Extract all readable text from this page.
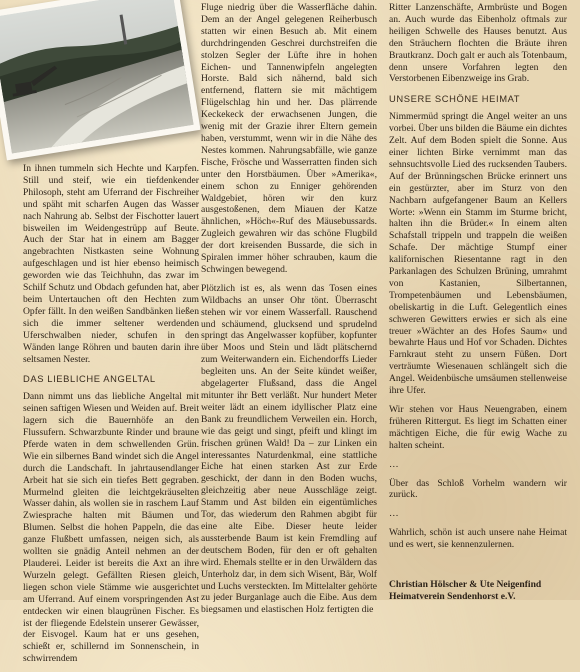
In ihnen tummeln sich Hechte und Karpfen. Still und steif, wie ein tiefdenkender Philosoph, steht am Uferrand der Fischreiher und späht mit scharfen Augen das Wasser nach Nahrung ab. Selbst der Fischotter lauert bisweilen im Weidengestrüpp auf Beute. Auch der Star hat in einem am Bagger angebrachten Nistkasten seine Wohnung aufgeschlagen und ist hier ebenso heimisch geworden wie das Teichhuhn, das zwar im Schilf Schutz und Obdach gefunden hat, aber beim Untertauchen oft den Hechten zum Opfer fällt. In den weißen Sandbänken ließen sich die immer seltener werdenden Uferschwalben nieder, schufen in den Wänden lange Röhren und bauten darin ihre seltsamen Nester.

DAS LIEBLICHE ANGELTAL

Dann nimmt uns das liebliche Angeltal mit seinen saftigen Wiesen und Weiden auf. Breit lagern sich die Bauernhöfe an den Flussufern. Schwarzbunte Rinder und braune Pferde waten in dem schwellenden Grün. Wie ein silbernes Band windet sich die Angel durch die Landschaft. In jahrtausendlanger Arbeit hat sie sich ein tiefes Bett gegraben. Murmelnd gleiten die leichtgekräuselten Wasser dahin, als wollen sie in raschem Lauf Zwiesprache halten mit Bäumen und Blumen. Selbst die hohen Pappeln, die das ganze Flußbett umfassen, neigen sich, als wollten sie gnädig Anteil nehmen an der Plauderei. Leider ist bereits die Axt an ihre Wurzeln gelegt. Gefällten Riesen gleich, liegen schon viele Stämme wie ausgerichtet am Uferrand. Auf einem vorspringenden Ast entdecken wir einen blaugrünen Fischer. Es ist der fliegende Edelstein unserer Gewässer, der Eisvogel. Kaum hat er uns gesehen, schießt er, schillernd im Sonnenschein, in schwirrendem

Fluge niedrig über die Wasserfläche dahin. Dem an der Angel gelegenen Reiherbusch statten wir einen Besuch ab. Mit einem durchdringenden Geschrei durchstreifen die stolzen Segler der Lüfte ihre in hohen Eichen- und Tannenwipfeln angelegten Horste. Bald sich nähernd, bald sich entfernend, flattern sie mit mächtigem Flügelschlag hin und her. Das plärrende Keckekeck der erwachsenen Jungen, die wenig mit der Grazie ihrer Eltern gemein haben, verstummt, wenn wir in die Nähe des Nestes kommen. Nahrungsabfälle, wie ganze Fische, Frösche und Wasserratten finden sich unter den Horstbäumen. Über »Amerika«, einem schon zu Enniger gehörenden Waldgebiet, hören wir den kurz ausgestoßenen, dem Miauen der Katze ähnlichen, »Höch«-Ruf des Mäusebussards. Zugleich gewahren wir das schöne Flugbild der dort kreisenden Bussarde, die sich in Spiralen immer höher schrauben, kaum die Schwingen bewegend.

Plötzlich ist es, als wenn das Tosen eines Wildbachs an unser Ohr tönt. Überrascht stehen wir vor einem Wasserfall. Rauschend und schäumend, glucksend und sprudelnd springt das Angelwasser kopfüber, kopfunter über Moos und Stein und lädt plätschernd zum Weiterwandern ein. Eichendorffs Lieder begleiten uns. An der Seite kündet weißer, abgelagerter Flußsand, dass die Angel mitunter ihr Bett verläßt. Nur hundert Meter weiter lädt an einem idyllischer Platz eine Bank zu freundlichem Verweilen ein. Horch, wie das geigt und singt, pfeift und klingt im frischen grünen Wald! Da – zur Linken ein interessantes Naturdenkmal, eine stattliche Eiche hat einen starken Ast zur Erde geschickt, der dann in den Boden wuchs, gleichzeitig aber neue Ausschläge zeigt. Stamm und Ast bilden ein eigentümliches Tor, das wiederum den Rahmen abgibt für eine alte Eibe. Dieser heute leider aussterbende Baum ist kein Fremdling auf deutschem Boden, für den er oft gehalten wird. Ehemals stellte er in den Urwäldern das Unterholz dar, in dem sich Wisent, Bär, Wolf und Luchs versteckten. Im Mittelalter gehörte zu jeder Burganlage auch die Eibe. Aus dem biegsamen und elastischen Holz fertigten die

Ritter Lanzenschäfte, Armbrüste und Bogen an. Auch wurde das Eibenholz oftmals zur heiligen Schwelle des Hauses benutzt. Aus den Sträuchern flochten die Bräute ihren Brautkranz. Doch galt er auch als Totenbaum, denn unsere Vorfahren legten den Verstorbenen Eibenzweige ins Grab.

UNSERE SCHÖNE HEIMAT

Nimmermüd springt die Angel weiter an uns vorbei. Über uns bilden die Bäume ein dichtes Zelt. Auf dem Boden spielt die Sonne. Aus einer lichten Birke vernimmt man das sehnsuchtsvolle Lied des rucksenden Taubers. Auf der Brünningschen Brücke erinnert uns ein gestürzter, aber im Sturz von den Nachbarn aufgefangener Baum an Kellers Worte: »Wenn ein Stamm im Sturme bricht, halten ihn die Brüder.« In einem alten Schafstall trippeln und trappeln die weißen Schafe. Der mächtige Stumpf einer kalifornischen Riesentanne ragt in den Parkanlagen des Schulzen Brüning, umrahmt von Kastanien, Silbertannen, Trompetenbäumen und Lebensbäumen, obeliskartig in die Luft. Gelegentlich eines schweren Gewitters erwies er sich als eine treuer »Wächter an des Hofes Saum« und bewahrte Haus und Hof vor Schaden. Dichtes Farnkraut steht zu unsern Füßen. Dort verträumte Wiesenauen schlängelt sich die Angel. Weidenbüsche umsäumen stellenweise ihre Ufer.

Wir stehen vor Haus Neuengraben, einem früheren Rittergut. Es liegt im Schatten einer mächtigen Eiche, die für ewig Wache zu halten scheint.

…

Über das Schloß Vorhelm wandern wir zurück.

…

Wahrlich, schön ist auch unsere nahe Heimat und es wert, sie kennenzulernen.

Christian Hölscher & Ute Neigenfind
Heimatverein Sendenhorst e.V.
